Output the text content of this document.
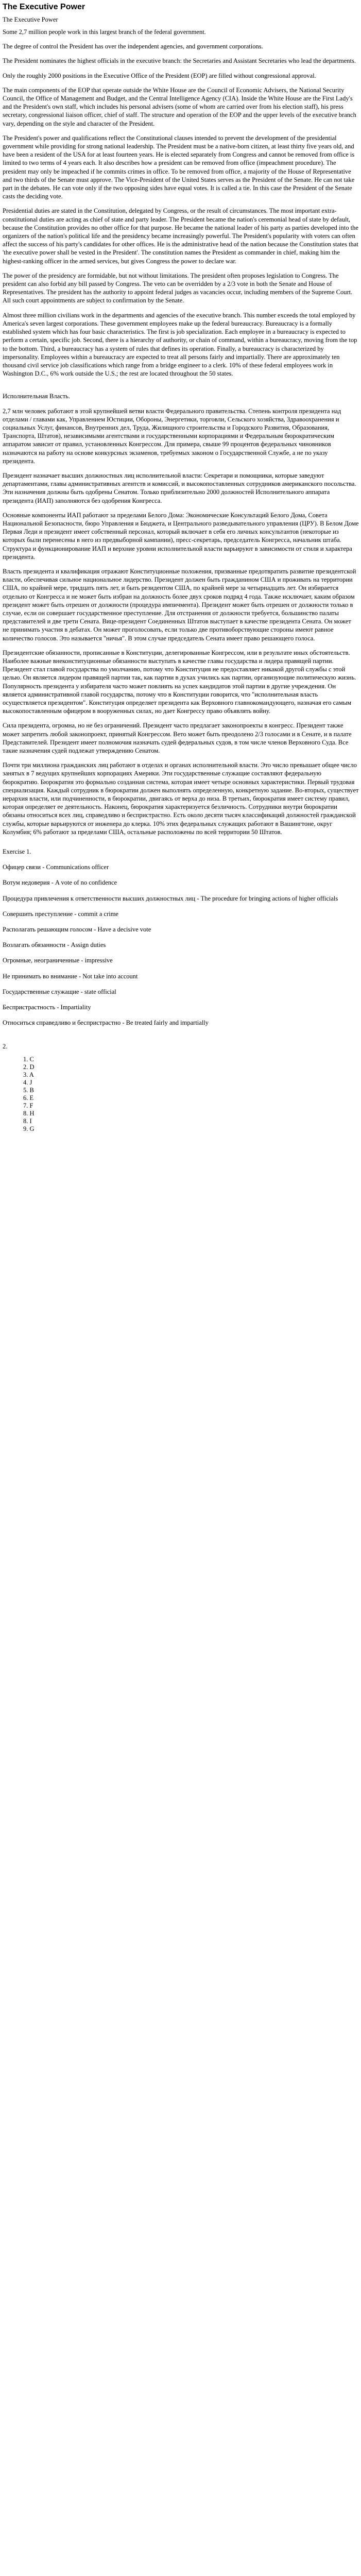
The Executive Power

The Executive Power

Some 2,7 million people work in this largest branch of the federal government.

The degree of control the President has over the independent agencies, and government corporations.

The President nominates the highest officials in the executive branch: the Secretaries and Assistant Secretaries who lead the departments.

Only the roughly 2000 positions in the Executive Office of the President (EOP) are filled without congressional approval.

The main components of the EOP that operate outside the White House are the Council of Economic Advisers, the National Security Council, the Office of Management and Budget, and the Central Intelligence Agency (CIA). Inside the White House are the First Lady's and the President's own staff, which includes his personal advisers (some of whom are carried over from his election staff), his press secretary, congressional liaison officer, chief of staff. The structure and operation of the EOP and the upper levels of the executive branch vary, depending on the style and character of the President.

The President's power and qualifications reflect the Constitutional clauses intended to prevent the development of the presidential government while providing for strong national leadership. The President must be a native-born citizen, at least thirty five years old, and have been a resident of the USA for at least fourteen years. He is elected separately from Congress and cannot be removed from office is limited to two terms of 4 years each. It also describes how a president can be removed from office (impeachment procedure). The president may only be impeached if he commits crimes in office. To be removed from office, a majority of the House of Representative and two thirds of the Senate must approve. The Vice-President of the United States serves as the President of the Senate. He can not take part in the debates. He can vote only if the two opposing sides have equal votes. It is called a tie. In this case the President of the Senate casts the deciding vote.

Presidential duties are stated in the Constitution, delegated by Congress, or the result of circumstances. The most important extra-constitutional duties are acting as chief of state and party leader. The President became the nation's ceremonial head of state by default, because the Constitution provides no other office for that purpose. He became the national leader of his party as parties developed into the organizers of the nation's political life and the presidency became increasingly powerful. The President's popularity with voters can often affect the success of his party's candidates for other offices. He is the administrative head of the nation because the Constitution states that 'the executive power shall be vested in the President'. The constitution names the President as commander in chief, making him the highest-ranking officer in the armed services, but gives Congress the power to declare war.

The power of the presidency are formidable, but not without limitations. The president often proposes legislation to Congress. The president can also forbid any bill passed by Congress. The veto can be overridden by a 2/3 vote in both the Senate and House of Representatives. The president has the authority to appoint federal judges as vacancies occur, including members of the Supreme Court. All such court appointments are subject to confirmation by the Senate.

Almost three million civilians work in the departments and agencies of the executive branch. This number exceeds the total employed by America's seven largest corporations. These government employees make up the federal bureaucracy. Bureaucracy is a formally established system which has four basic characteristics. The first is job specialization. Each employee in a bureaucracy is expected to perform a certain, specific job. Second, there is a hierarchy of authority, or chain of command, within a bureaucracy, moving from the top to the bottom. Third, a bureaucracy has a system of rules that defines its operation. Finally, a bureaucracy is characterized by impersonality. Employees within a bureaucracy are expected to treat all persons fairly and impartially. There are approximately ten thousand civil service job classifications which range from a bridge engineer to a clerk. 10% of these federal employees work in Washington D.C., 6% work outside the U.S.; the rest are located throughout the 50 states.

Исполнительная Власть.

2,7 млн человек работают в этой крупнейшей ветви власти Федерального правительства. Степень контроля президента над отделами / главами как, Управлением Юстиции, Обороны, Энергетики, торговли, Сельского хозяйства, Здравоохранения и социальных Услуг, финансов, Внутренних дел, Труда, Жилищного строительства и Городского Развития, Образования, Транспорта, Штатов), независимыми агентствами и государственными корпорациями и Федеральным бюрократическим аппаратом зависит от правил, установленных Конгрессом. Для примера, свыше 99 процентов федеральных чиновников назначаются на работу на основе конкурсных экзаменов, требуемых законом о Государственной Службе, а не по указу президента.

Президент назначает высших должностных лиц исполнительной власти: Секретари и помощники, которые заведуют департаментами, главы административных агентств и комиссий, и высокопоставленных сотрудников американского посольства. Эти назначения должны быть одобрены Сенатом. Только приблизительно 2000 должностей Исполнительного аппарата президента (ИАП) заполняются без одобрения Конгресса.

Основные компоненты ИАП работают за пределами Белого Дома: Экономические Консультаций Белого Дома, Совета Национальной Безопасности, бюро Управления и Бюджета, и Центрального разведывательного управления (ЦРУ). В Белом Доме Первая Леди и президент имеет собственный персонал, который включает в себя его личных консультантов (некоторые из которых были перенесены в него из предвыборной кампании), пресс-секретарь, председатель Конгресса, начальник штаба. Структура и функционирование ИАП и верхние уровни исполнительной власти варьируют в зависимости от стиля и характера президента.

Власть президента и квалификация отражают Конституционные положения, призванные предотвратить развитие президентской власти, обеспечивая сильное национальное лидерство. Президент должен быть гражданином США и проживать на территории США, по крайней мере, тридцать пять лет, и быть резидентом США, по крайней мере за четырнадцать лет. Он избирается отдельно от Конгресса и не может быть избран на должность более двух сроков подряд 4 года. Также исключает, каким образом президент может быть отрешен от должности (процедура импичмента). Президент может быть отрешен от должности только в случае, если он совершает государственное преступление. Для отстранения от должности требуется, большинство палаты представителей и две трети Сената. Вице-президент Соединенных Штатов выступает в качестве президента Сената. Он может не принимать участия в дебатах. Он может проголосовать, если только две противоборствующие стороны имеют равное количество голосов. Это называется "ничья". В этом случае председатель Сената имеет право решающего голоса.

Президентские обязанности, прописанные в Конституции, делегированные Конгрессом, или в результате иных обстоятельств. Наиболее важные внеконституционные обязанности выступать в качестве главы государства и лидера правящей партии. Президент стал главой государства по умолчанию, потому что Конституция не предоставляет никакой другой службы с этой целью. Он является лидером правящей партии так, как партии в духах учились как партии, организующие политическую жизнь. Популярность президента у избирателя часто может повлиять на успех кандидатов этой партии в другие учреждения. Он является административной главой государства, потому что в Конституции говорится, что "исполнительная власть осуществляется президентом". Конституция определяет президента как Верховного главнокомандующего, назначая его самым высокопоставленным офицером в вооруженных силах, но дает Конгрессу право объявлять войну.

Сила президента, огромна, но не без ограничений. Президент часто предлагает законопроекты в конгресс. Президент также может запретить любой законопроект, принятый Конгрессом. Вето может быть преодолено 2/3 голосами и в Сенате, и в палате Представителей. Президент имеет полномочия назначать судей федеральных судов, в том числе членов Верховного Суда. Все такие назначения судей подлежат утверждению Сенатом.

Почти три миллиона гражданских лиц работают в отделах и органах исполнительной власти. Это число превышает общее число занятых в 7 ведущих крупнейших корпорациях Америки. Эти государственные служащие составляют федеральную бюрократию. Бюрократия это формально созданная система, которая имеет четыре основных характеристики. Первый трудовая специализация. Каждый сотрудник в бюрократии должен выполнять определенную, конкретную задание. Во-вторых, существует иерархия власти, или подчиненности, в бюрократии, двигаясь от верха до низа. В третьих, бюрократия имеет систему правил, которая определяет ее деятельность. Наконец, бюрократия характеризуется безличность. Сотрудники внутри бюрократии обязаны относиться всех лиц, справедливо и беспристрастно. Есть около десяти тысяч классификаций должностей гражданской службы, которые варьируются от инженера до клерка. 10% этих федеральных служащих работают в Вашингтоне, округ Колумбия; 6% работают за пределами США, остальные расположены по всей территории 50 Штатов.

Exercise 1.

Офицер связи - Communications officer

Вотум недоверия - A vote of no confidence

Процедура привлечения к ответственности высших должностных лиц - The procedure for bringing actions of higher officials

Совершить преступление - commit a crime

Располагать решающим голосом - Have a decisive vote

Возлагать обязанности - Assign duties

Огромные, неограниченные - impressive

Не принимать во внимание - Not take into account

Государственные служащие - state official

Беспристрастность - Impartiality

Относиться справедливо и беспристрастно - Be treated fairly and impartially

2.
1. C
2. D
3. A
4. J
5. B
6. E
7. F
8. H
8. I
9. G
